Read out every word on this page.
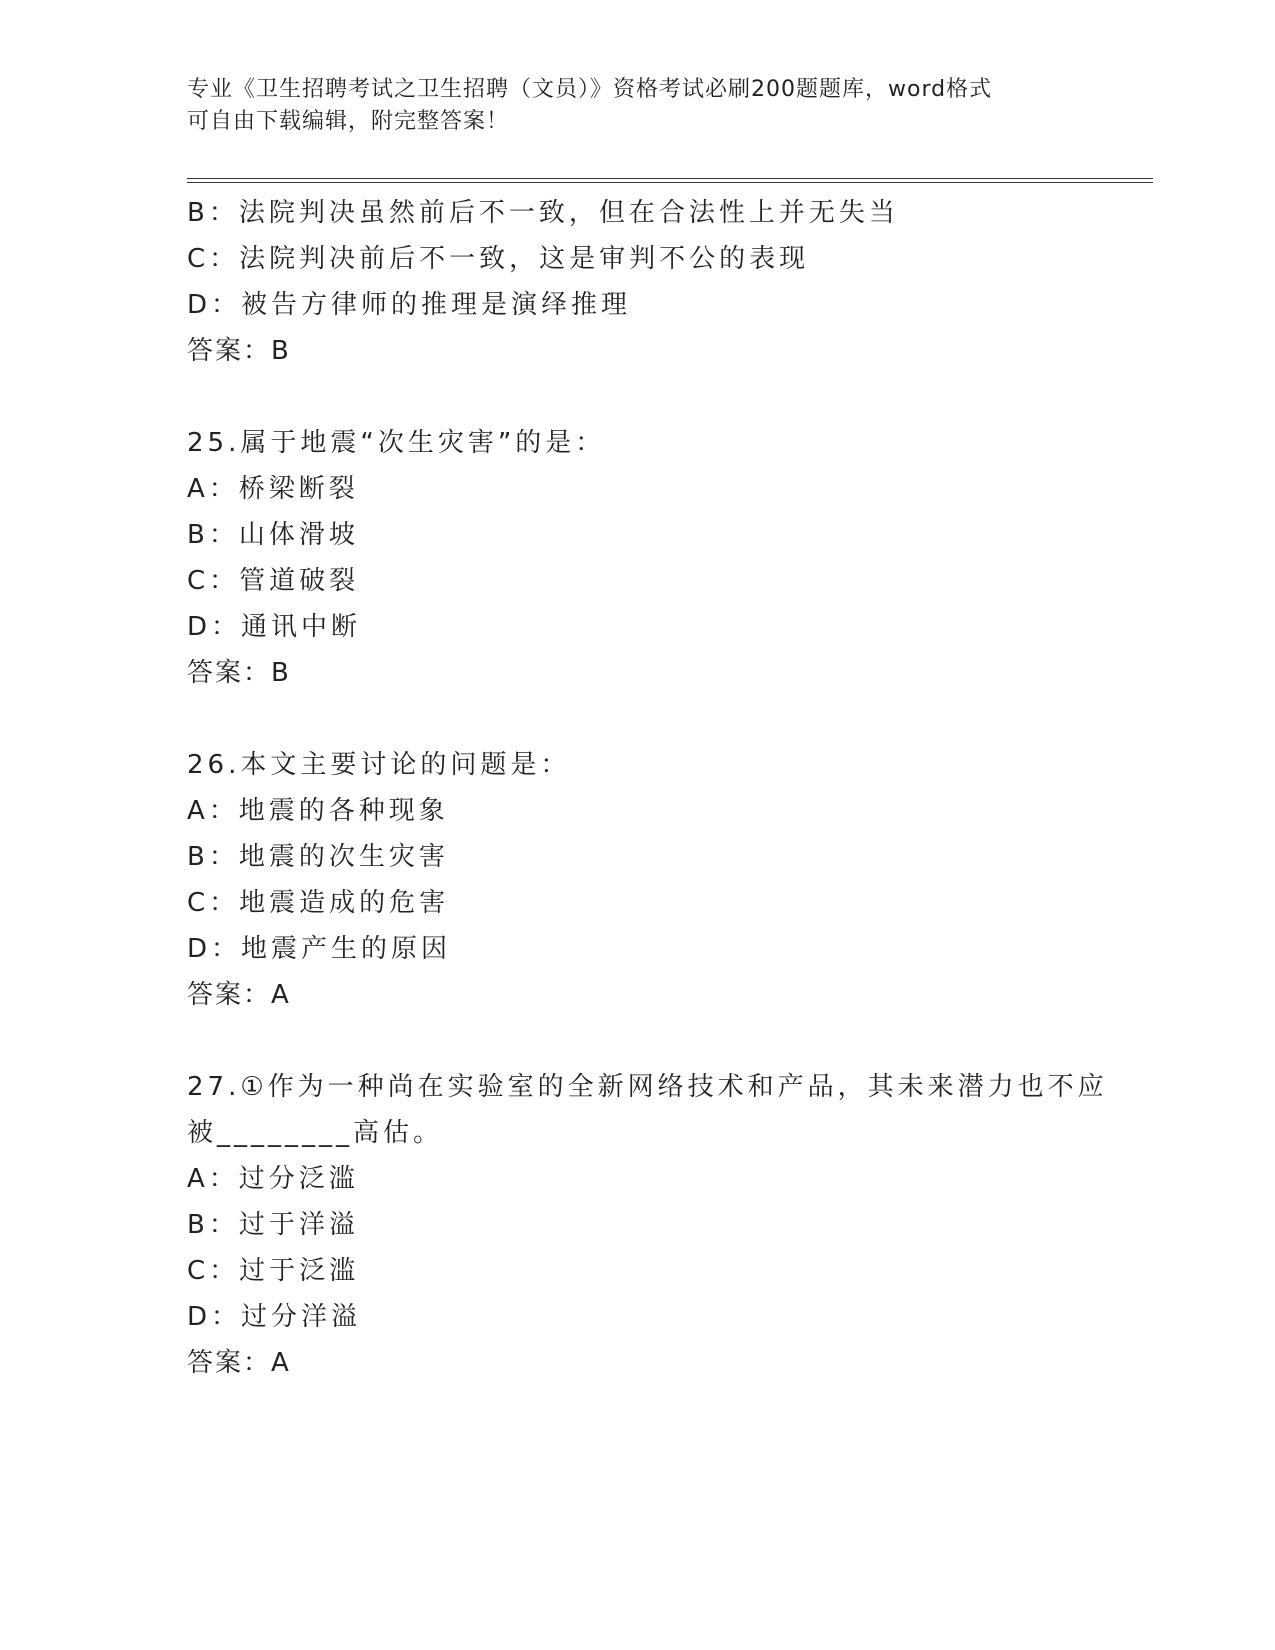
专业《卫生招聘考试之卫生招聘（文员）》资格考试必刷200题题库，word格式
可自由下载编辑，附完整答案！
B：法院判决虽然前后不一致，但在合法性上并无失当
C：法院判决前后不一致，这是审判不公的表现
D：被告方律师的推理是演绎推理
答案：B
25.属于地震“次生灾害”的是：
A：桥梁断裂
B：山体滑坡
C：管道破裂
D：通讯中断
答案：B
26.本文主要讨论的问题是：
A：地震的各种现象
B：地震的次生灾害
C：地震造成的危害
D：地震产生的原因
答案：A
27.①作为一种尚在实验室的全新网络技术和产品，其未来潜力也不应
被________高估。
A：过分泛滥
B：过于洋溢
C：过于泛滥
D：过分洋溢
答案：A
